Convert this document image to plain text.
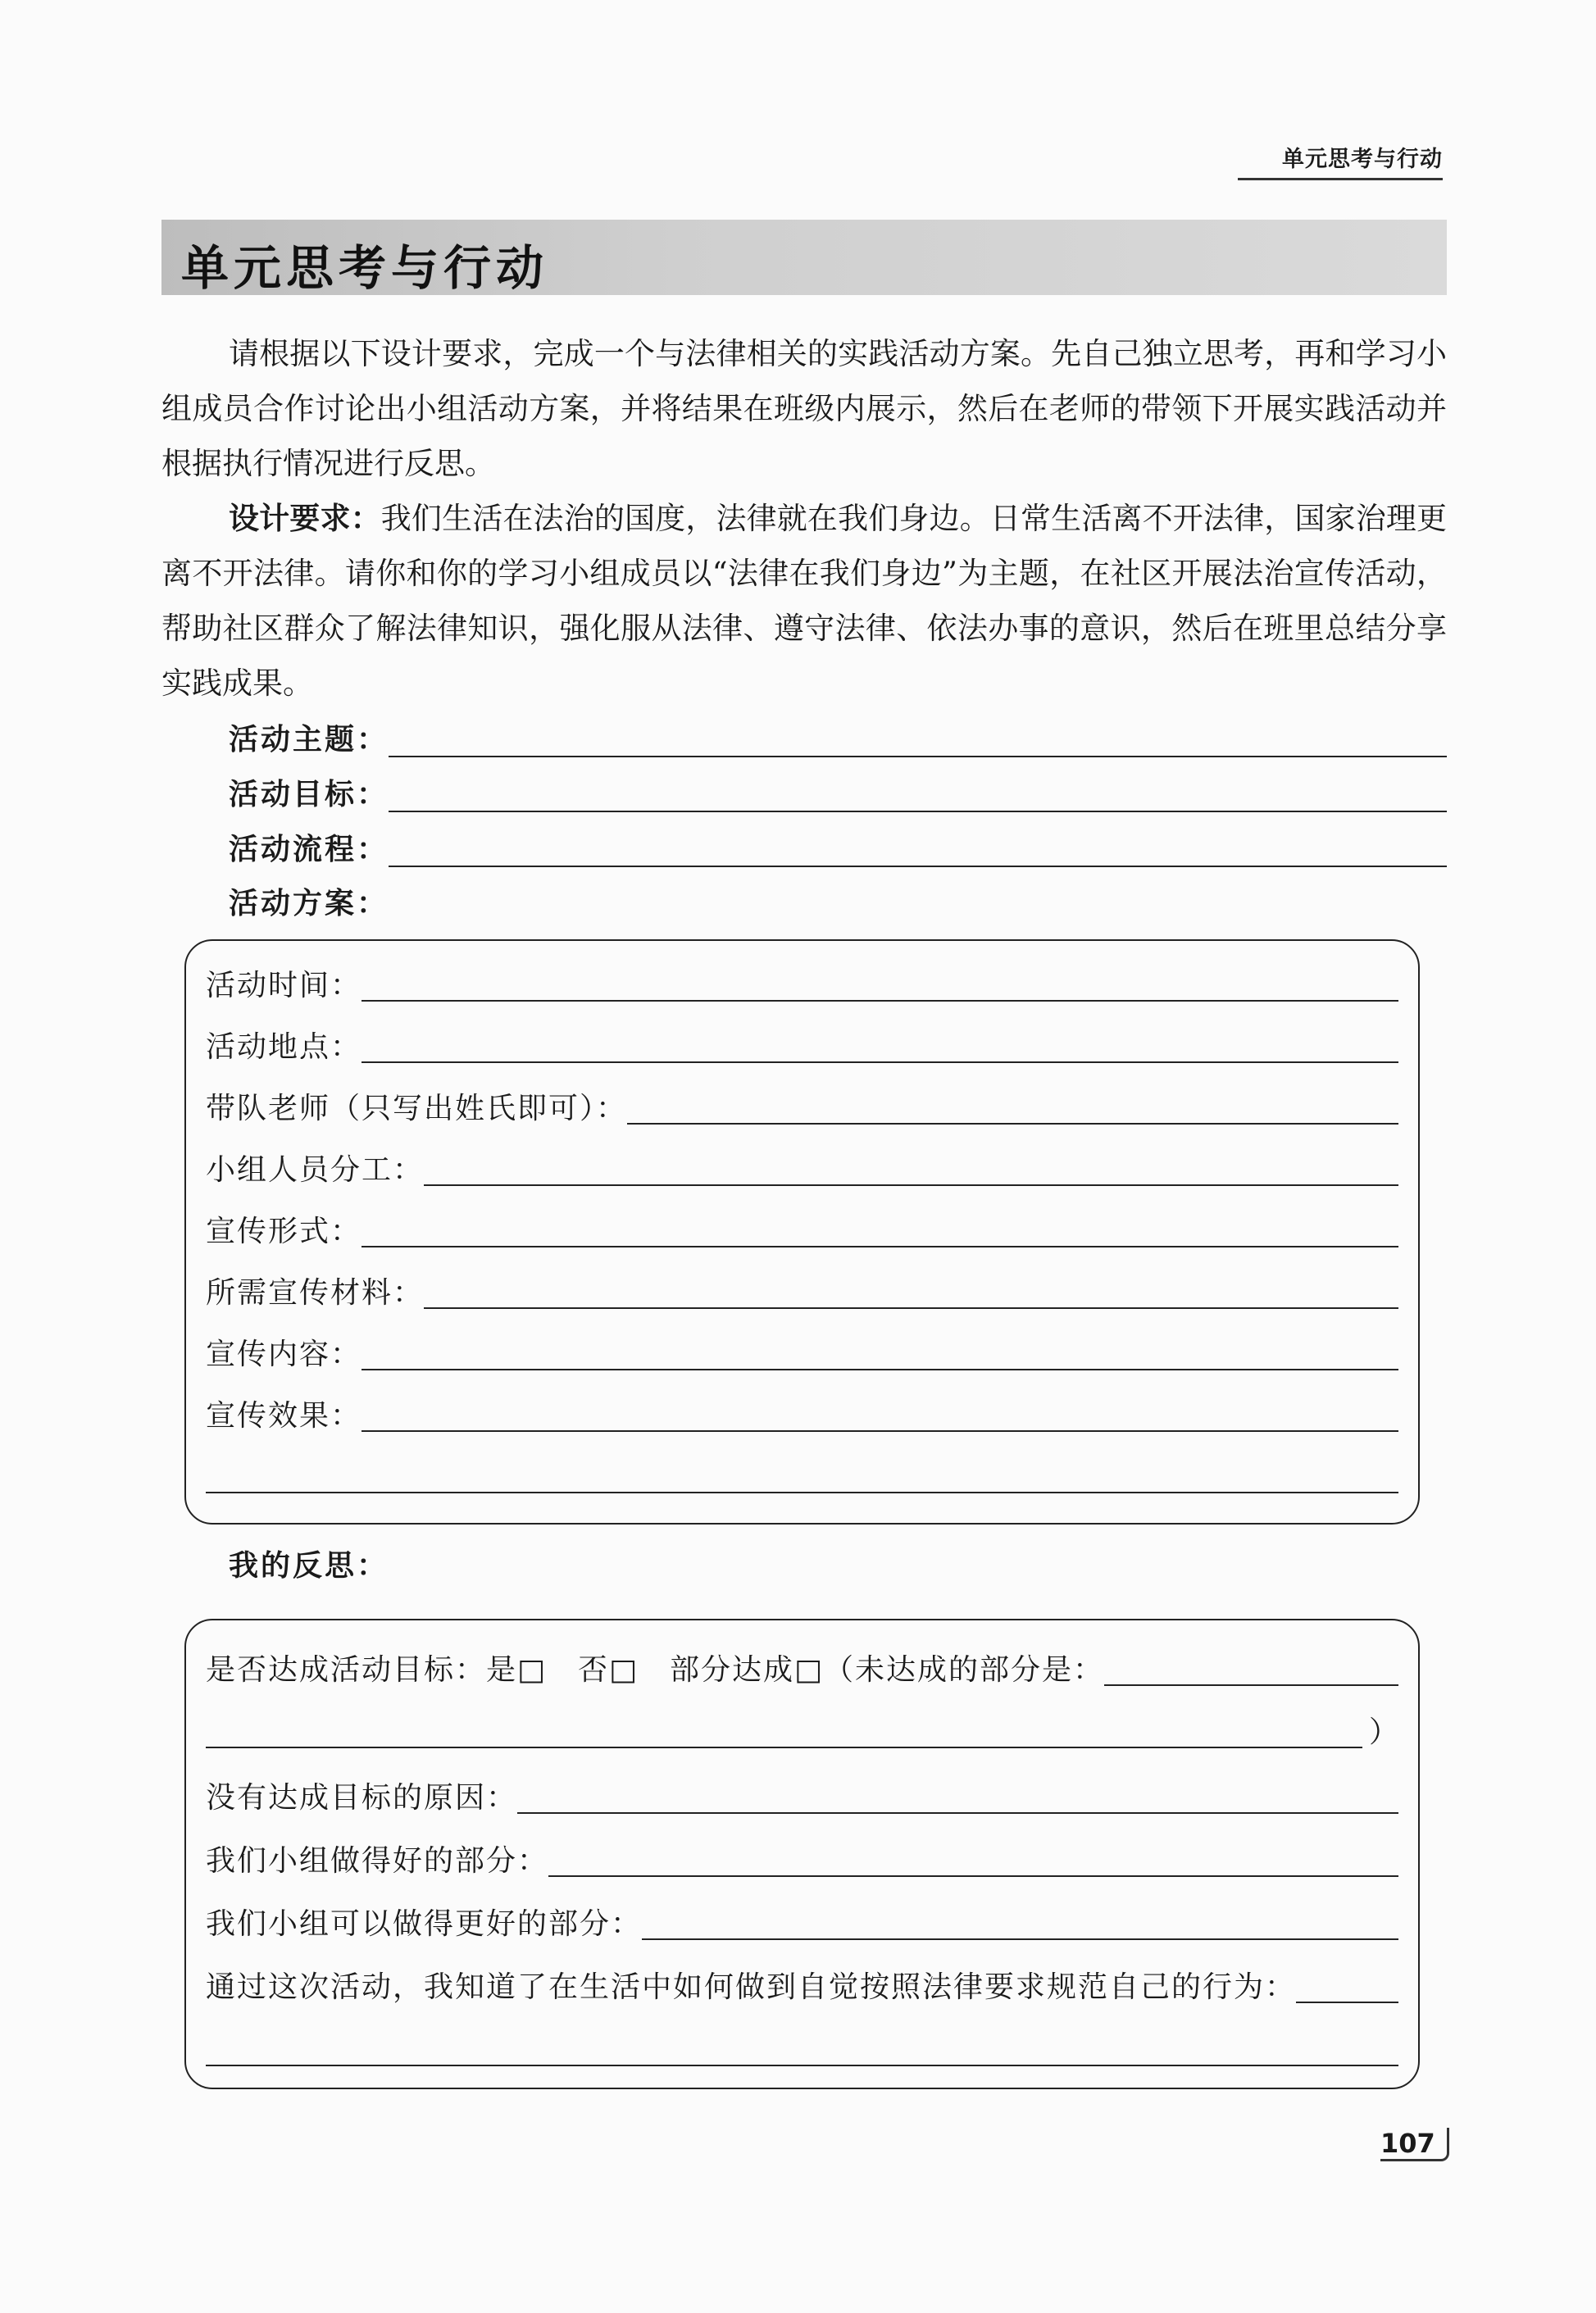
单元思考与行动
单元思考与行动

请根据以下设计要求，完成一个与法律相关的实践活动方案。先自己独立思考，再和学习小组成员合作讨论出小组活动方案，并将结果在班级内展示，然后在老师的带领下开展实践活动并根据执行情况进行反思。

设计要求：我们生活在法治的国度，法律就在我们身边。日常生活离不开法律，国家治理更离不开法律。请你和你的学习小组成员以“法律在我们身边”为主题，在社区开展法治宣传活动，帮助社区群众了解法律知识，强化服从法律、遵守法律、依法办事的意识，然后在班里总结分享实践成果。

活动主题：
活动目标：
活动流程：
活动方案：
活动时间：
活动地点：
带队老师（只写出姓氏即可）：
小组人员分工：
宣传形式：
所需宣传材料：
宣传内容：
宣传效果：
我的反思：
是否达成活动目标：是□　否□　部分达成□（未达成的部分是：
）
没有达成目标的原因：
我们小组做得好的部分：
我们小组可以做得更好的部分：
通过这次活动，我知道了在生活中如何做到自觉按照法律要求规范自己的行为：
107
